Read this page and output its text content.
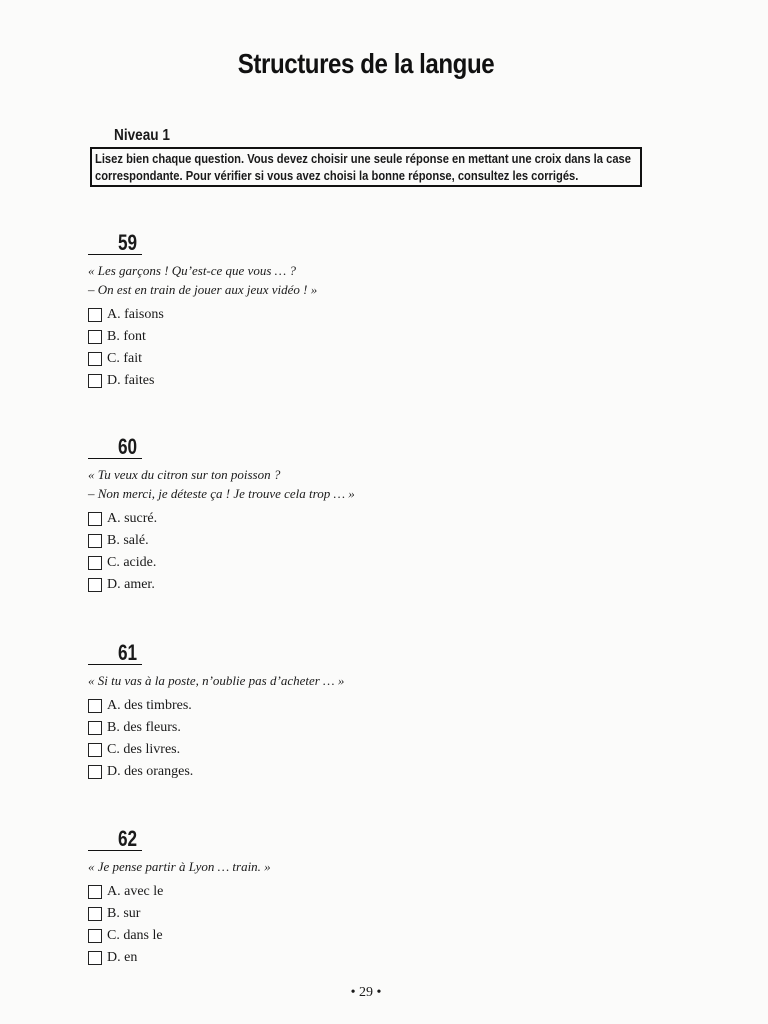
Structures de la langue
Niveau 1
Lisez bien chaque question. Vous devez choisir une seule réponse en mettant une croix dans la case
correspondante. Pour vérifier si vous avez choisi la bonne réponse, consultez les corrigés.
59
« Les garçons ! Qu’est-ce que vous … ?
– On est en train de jouer aux jeux vidéo ! »
A. faisons
B. font
C. fait
D. faites
60
« Tu veux du citron sur ton poisson ?
– Non merci, je déteste ça ! Je trouve cela trop … »
A. sucré.
B. salé.
C. acide.
D. amer.
61
« Si tu vas à la poste, n’oublie pas d’acheter … »
A. des timbres.
B. des fleurs.
C. des livres.
D. des oranges.
62
« Je pense partir à Lyon … train. »
A. avec le
B. sur
C. dans le
D. en
• 29 •
